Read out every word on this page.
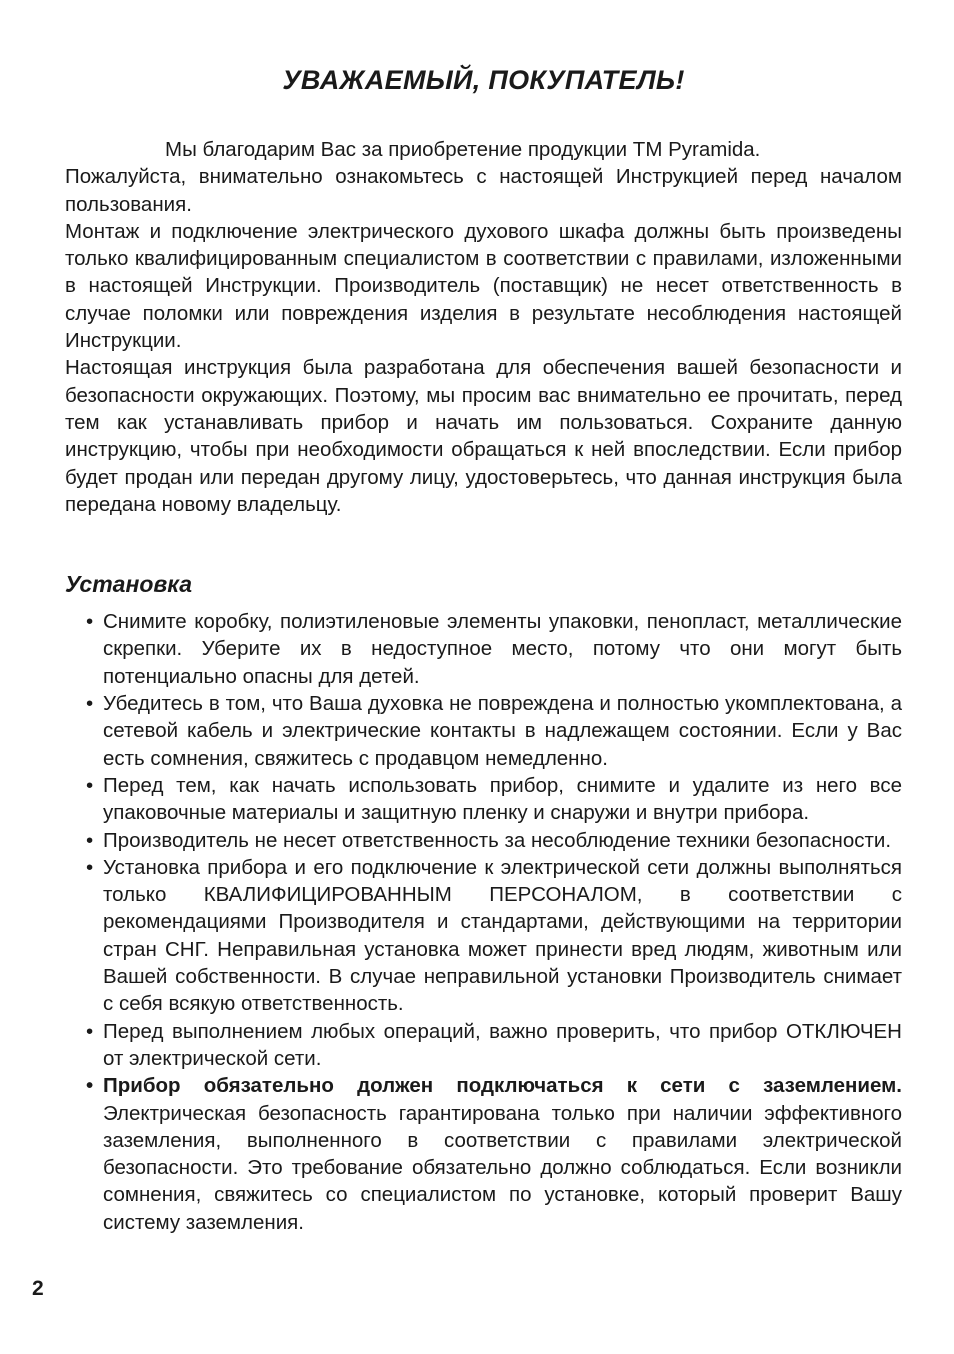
УВАЖАЕМЫЙ, ПОКУПАТЕЛЬ!

Мы благодарим Вас за приобретение продукции ТМ Pyramida.

Пожалуйста, внимательно ознакомьтесь с настоящей Инструкцией перед началом пользования.

Монтаж и подключение электрического духового шкафа должны быть произведены только квалифицированным специалистом в соответствии с правилами, изложенными в настоящей Инструкции. Производитель (поставщик) не несет ответственность в случае поломки или повреждения изделия в результате несоблюдения настоящей Инструкции.

Настоящая инструкция была разработана для обеспечения вашей безопасности и безопасности окружающих. Поэтому, мы просим вас внимательно ее прочитать, перед тем как устанавливать прибор и начать им пользоваться. Сохраните данную инструкцию, чтобы при необходимости обращаться к ней впоследствии. Если прибор будет продан или передан другому лицу, удостоверьтесь, что данная инструкция была передана новому владельцу.

Установка
• Снимите коробку, полиэтиленовые элементы упаковки, пенопласт, металлические скрепки. Уберите их в недоступное место, потому что они могут быть потенциально опасны для детей.
• Убедитесь в том, что Ваша духовка не повреждена и полностью укомплектована, а сетевой кабель и электрические контакты в надлежащем состоянии. Если у Вас есть сомнения, свяжитесь с продавцом немедленно.
• Перед тем, как начать использовать прибор, снимите и удалите из него все упаковочные материалы и защитную пленку и снаружи и внутри прибора.
• Производитель не несет ответственность за несоблюдение техники безопасности.
• Установка прибора и его подключение к электрической сети должны выполняться только КВАЛИФИЦИРОВАННЫМ ПЕРСОНАЛОМ, в соответствии с рекомендациями Производителя и стандартами, действующими на территории стран СНГ. Неправильная установка может принести вред людям, животным или Вашей собственности. В случае неправильной установки Производитель снимает с себя всякую ответственность.
• Перед выполнением любых операций, важно проверить, что прибор ОТКЛЮЧЕН от электрической сети.
• Прибор обязательно должен подключаться к сети с заземлением. Электрическая безопасность гарантирована только при наличии эффективного заземления, выполненного в соответствии с правилами электрической безопасности. Это требование обязательно должно соблюдаться. Если возникли сомнения, свяжитесь со специалистом по установке, который проверит Вашу систему заземления.
2
